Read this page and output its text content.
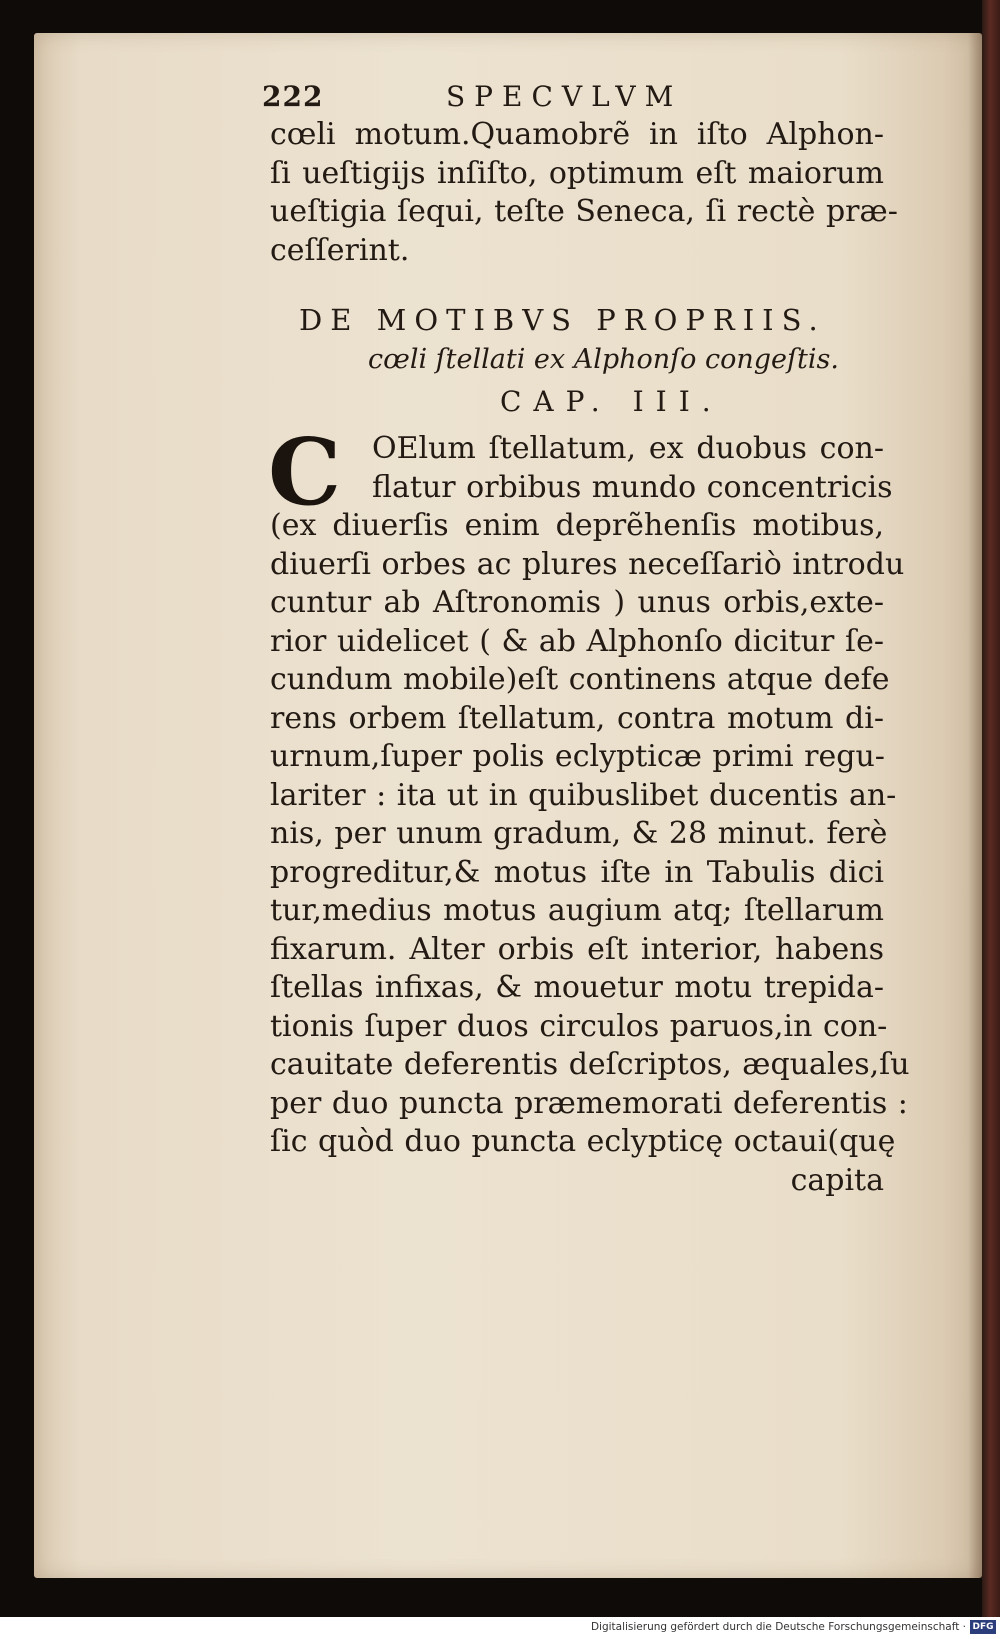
222	SPECVLVM
cœli motum.Quamobrẽ in iſto Alphon-
ſi ueſtigijs inſiſto, optimum eſt maiorum
ueſtigia ſequi, teſte Seneca, ſi rectè præ-
ceſſerint.
DE MOTIBVS PROPRIIS.
cœli ſtellati ex Alphonſo congeſtis.
CAP. III.
C	OElum ſtellatum, ex duobus con-
flatur orbibus mundo concentricis
(ex diuerſis enim deprẽhenſis motibus,
diuerſi orbes ac plures neceſſariò introdu
cuntur ab Aſtronomis ) unus orbis,exte-
rior uidelicet ( & ab Alphonſo dicitur ſe-
cundum mobile)eſt continens atque defe
rens orbem ſtellatum, contra motum di-
urnum,ſuper polis eclypticæ primi regu-
lariter : ita ut in quibuslibet ducentis an-
nis, per unum gradum, & 28 minut. ferè
progreditur,& motus iſte in Tabulis dici
tur,medius motus augium atq; ſtellarum
fixarum. Alter orbis eſt interior, habens
ſtellas infixas, & mouetur motu trepida-
tionis ſuper duos circulos paruos,in con-
cauitate deferentis deſcriptos, æquales,ſu
per duo puncta præmemorati deferentis :
ſic quòd duo puncta eclypticę octaui(quę
capita
Digitalisierung gefördert durch die Deutsche Forschungsgemeinschaft · DFG
